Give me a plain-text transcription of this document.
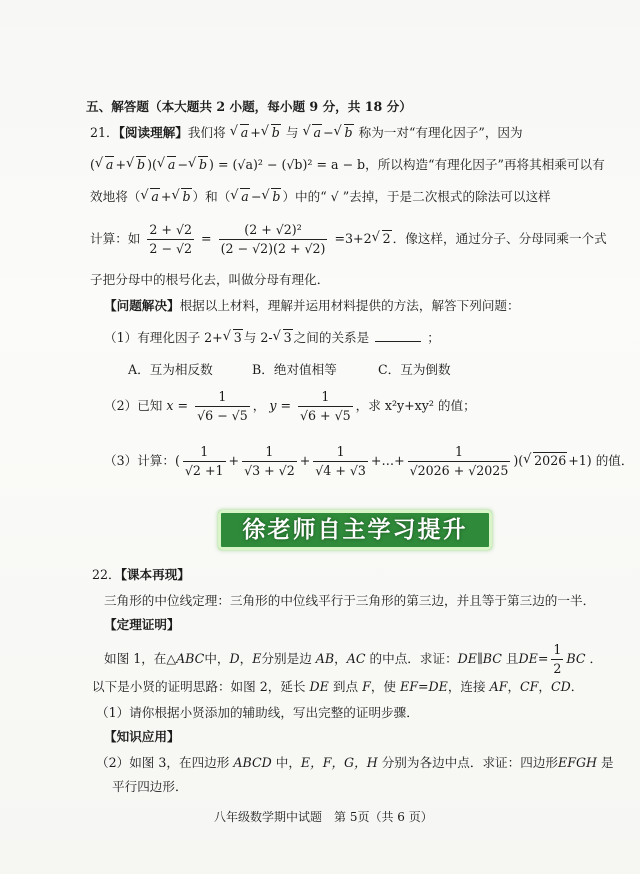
五、解答题（本大题共 2 小题，每小题 9 分，共 18 分）
21．【阅读理解】我们将 √ a +√ b 与 √ a −√ b 称为一对“有理化因子”，因为
(√ a +√ b )(√ a −√ b ) = (√a)² − (√b)² = a − b，所以构造“有理化因子”再将其相乘可以有
效地将（√ a +√ b ）和（√ a −√ b ）中的“ √ ”去掉，于是二次根式的除法可以这样
计算：如 $\frac{2 + √2}{2 - √2} = \frac{\text{(2 + √2)²}}{(2 - √2)(2 + √2)} =3+2√$ 2 ．像这样，通过分子、分母同乘一个式
子把分母中的根号化去，叫做分母有理化．
【问题解决】根据以上材料，理解并运用材料提供的方法，解答下列问题：
（1）有理化因子 2+√ 3 与 2-√ 3 之间的关系是	；
A．互为相反数	B．绝对值相等	C．互为倒数
（2）已知 $x = \frac{1}{√6 - √5}$ ， $y = \frac{1}{√6 + √5}$ ，求 x²y+xy² 的值；
（3）计算：( $\frac{1}{√2 +1} + \frac{1}{√3 + √2} + \frac{1}{√4 + √3}$ +…+ $\frac{1}{√2026 + √2025}$ )(√ 2026 +1) 的值．
徐老师自主学习提升
22．【课本再现】
三角形的中位线定理：三角形的中位线平行于三角形的第三边，并且等于第三边的一半．
【定理证明】
如图 1，在△ABC中，D，E分别是边 AB，AC 的中点．求证：DE∥BC 且$DE= \frac{1}{2}$ BC ．
以下是小贤的证明思路：如图 2，延长 DE 到点 F，使 EF=DE，连接 AF，CF，CD．
（1）请你根据小贤添加的辅助线，写出完整的证明步骤．
【知识应用】
（2）如图 3，在四边形 ABCD 中，E，F，G，H 分别为各边中点．求证：四边形EFGH 是
平行四边形．
八年级数学期中试题　第 5页（共 6 页）
